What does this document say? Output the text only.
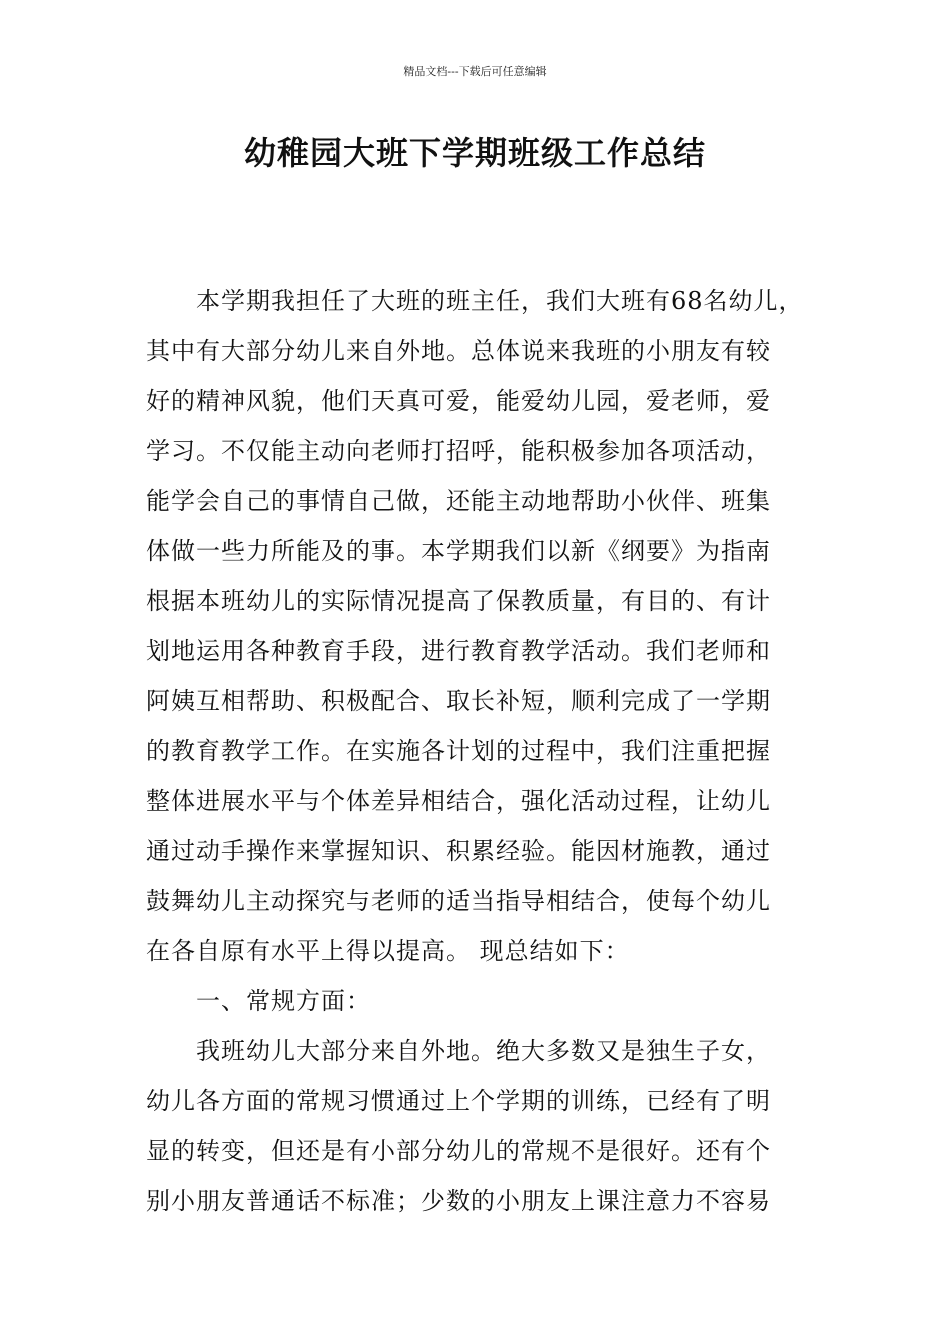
精品文档---下载后可任意编辑
幼稚园大班下学期班级工作总结
本学期我担任了大班的班主任，我们大班有68名幼儿，
其中有大部分幼儿来自外地。总体说来我班的小朋友有较
好的精神风貌，他们天真可爱，能爱幼儿园，爱老师，爱
学习。不仅能主动向老师打招呼，能积极参加各项活动，
能学会自己的事情自己做，还能主动地帮助小伙伴、班集
体做一些力所能及的事。本学期我们以新《纲要》为指南
根据本班幼儿的实际情况提高了保教质量，有目的、有计
划地运用各种教育手段，进行教育教学活动。我们老师和
阿姨互相帮助、积极配合、取长补短，顺利完成了一学期
的教育教学工作。在实施各计划的过程中，我们注重把握
整体进展水平与个体差异相结合，强化活动过程，让幼儿
通过动手操作来掌握知识、积累经验。能因材施教，通过
鼓舞幼儿主动探究与老师的适当指导相结合，使每个幼儿
在各自原有水平上得以提高。 现总结如下：
一、常规方面：
我班幼儿大部分来自外地。绝大多数又是独生子女，
幼儿各方面的常规习惯通过上个学期的训练，已经有了明
显的转变，但还是有小部分幼儿的常规不是很好。还有个
别小朋友普通话不标准；少数的小朋友上课注意力不容易
